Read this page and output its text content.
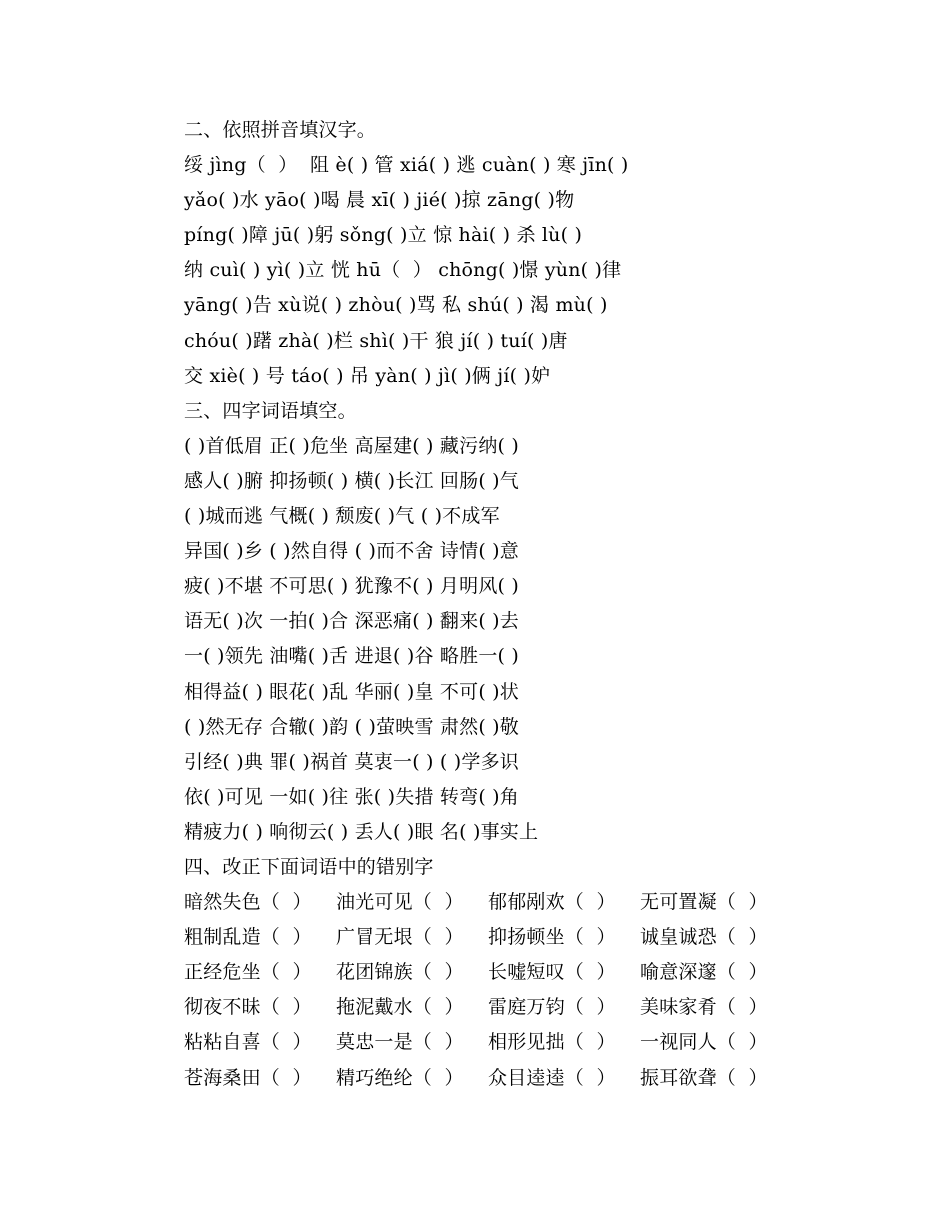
二、依照拼音填汉字。
绥 jìng（  ）  阻 è( ) 管 xiá( ) 逃 cuàn( ) 寒 jīn( )
yǎo( )水 yāo( )喝 晨 xī( ) jié( )掠 zāng( )物
píng( )障 jū( )躬 sǒng( )立 惊 hài( ) 杀 lù( )
纳 cuì( ) yì( )立 恍 hū（  ） chōng( )憬 yùn( )律
yāng( )告 xù说( ) zhòu( )骂 私 shú( ) 渴 mù( )
chóu( )躇 zhà( )栏 shì( )干 狼 jí( ) tuí( )唐
交 xiè( ) 号 táo( ) 吊 yàn( ) jì( )俩 jí( )妒
三、四字词语填空。
( )首低眉 正( )危坐 高屋建( ) 藏污纳( )
感人( )腑 抑扬顿( ) 横( )长江 回肠( )气
( )城而逃 气概( ) 颓废( )气 ( )不成军
异国( )乡 ( )然自得 ( )而不舍 诗情( )意
疲( )不堪 不可思( ) 犹豫不( ) 月明风( )
语无( )次 一拍( )合 深恶痛( ) 翻来( )去
一( )领先 油嘴( )舌 进退( )谷 略胜一( )
相得益( ) 眼花( )乱 华丽( )皇 不可( )状
( )然无存 合辙( )韵 ( )萤映雪 肃然( )敬
引经( )典 罪( )祸首 莫衷一( ) ( )学多识
依( )可见 一如( )往 张( )失措 转弯( )角
精疲力( ) 响彻云( ) 丢人( )眼 名( )事实上
四、改正下面词语中的错别字
暗然失色（  ）	油光可见（  ）	郁郁剐欢（  ）	无可置凝（  ）
粗制乱造（  ）	广冒无垠（  ）	抑扬顿坐（  ）	诚皇诚恐（  ）
正经危坐（  ）	花团锦族（  ）	长嘘短叹（  ）	喻意深邃（  ）
彻夜不昧（  ）	拖泥戴水（  ）	雷庭万钧（  ）	美味家肴（  ）
粘粘自喜（  ）	莫忠一是（  ）	相形见拙（  ）	一视同人（  ）
苍海桑田（  ）	精巧绝纶（  ）	众目逵逵（  ）	振耳欲聋（  ）
